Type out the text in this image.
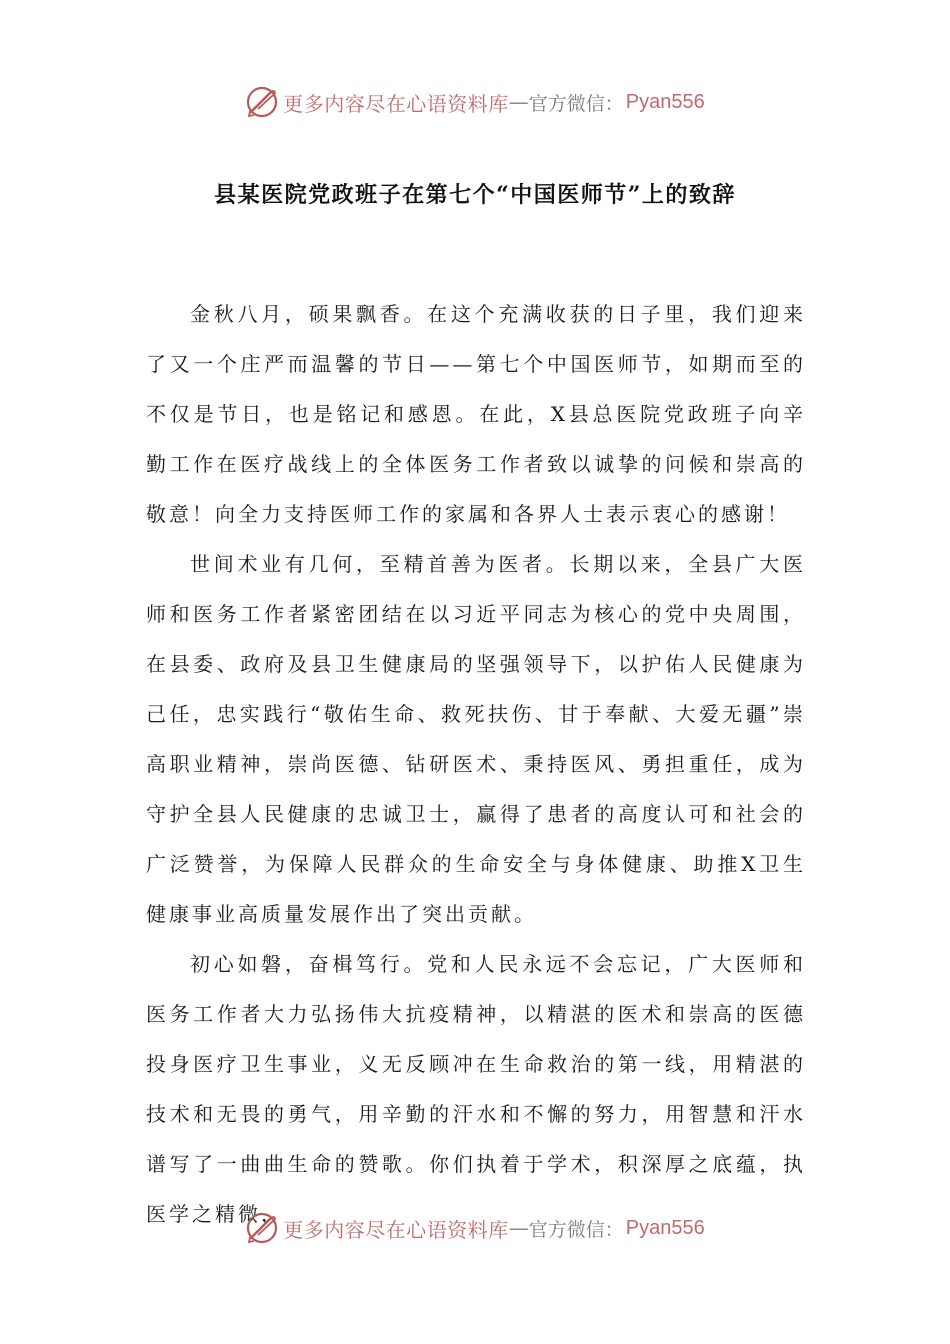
更多内容尽在心语资料库 — 官方微信： Pyan556
县某医院党政班子在第七个“中国医师节”上的致辞

金秋八月，硕果飘香。在这个充满收获的日子里，我们迎来了又一个庄严而温馨的节日——第七个中国医师节，如期而至的不仅是节日，也是铭记和感恩。在此，X县总医院党政班子向辛勤工作在医疗战线上的全体医务工作者致以诚挚的问候和崇高的敬意！向全力支持医师工作的家属和各界人士表示衷心的感谢！

世间术业有几何，至精首善为医者。长期以来，全县广大医师和医务工作者紧密团结在以习近平同志为核心的党中央周围，在县委、政府及县卫生健康局的坚强领导下，以护佑人民健康为己任，忠实践行“敬佑生命、救死扶伤、甘于奉献、大爱无疆”崇高职业精神，崇尚医德、钻研医术、秉持医风、勇担重任，成为守护全县人民健康的忠诚卫士，赢得了患者的高度认可和社会的广泛赞誉，为保障人民群众的生命安全与身体健康、助推X卫生健康事业高质量发展作出了突出贡献。

初心如磐，奋楫笃行。党和人民永远不会忘记，广大医师和医务工作者大力弘扬伟大抗疫精神，以精湛的医术和崇高的医德投身医疗卫生事业，义无反顾冲在生命救治的第一线，用精湛的技术和无畏的勇气，用辛勤的汗水和不懈的努力，用智慧和汗水谱写了一曲曲生命的赞歌。你们执着于学术，积深厚之底蕴，执医学之精微，

更多内容尽在心语资料库 — 官方微信： Pyan556
